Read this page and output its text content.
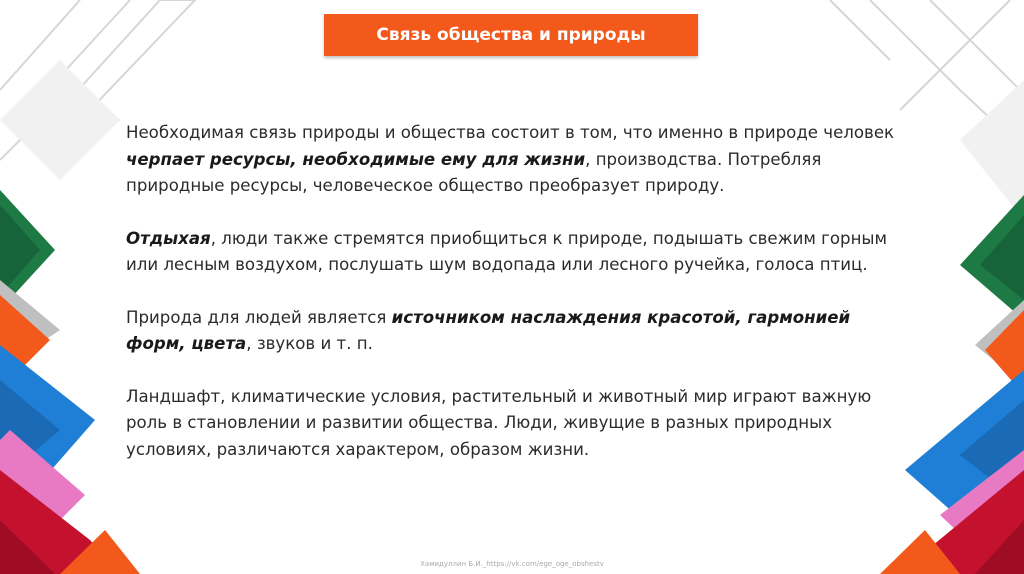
Связь общества и природы

Необходимая связь природы и общества состоит в том, что именно в природе человек черпает ресурсы, необходимые ему для жизни, производства. Потребляя природные ресурсы, человеческое общество преобразует природу.

Отдыхая, люди также стремятся приобщиться к природе, подышать свежим горным или лесным воздухом, послушать шум водопада или лесного ручейка, голоса птиц.

Природа для людей является источником наслаждения красотой, гармонией форм, цвета, звуков и т. п.

Ландшафт, климатические условия, растительный и животный мир играют важную роль в становлении и развитии общества. Люди, живущие в разных природных условиях, различаются характером, образом жизни.

Хамидуллин Б.И._https://vk.com/ege_oge_obshestv
